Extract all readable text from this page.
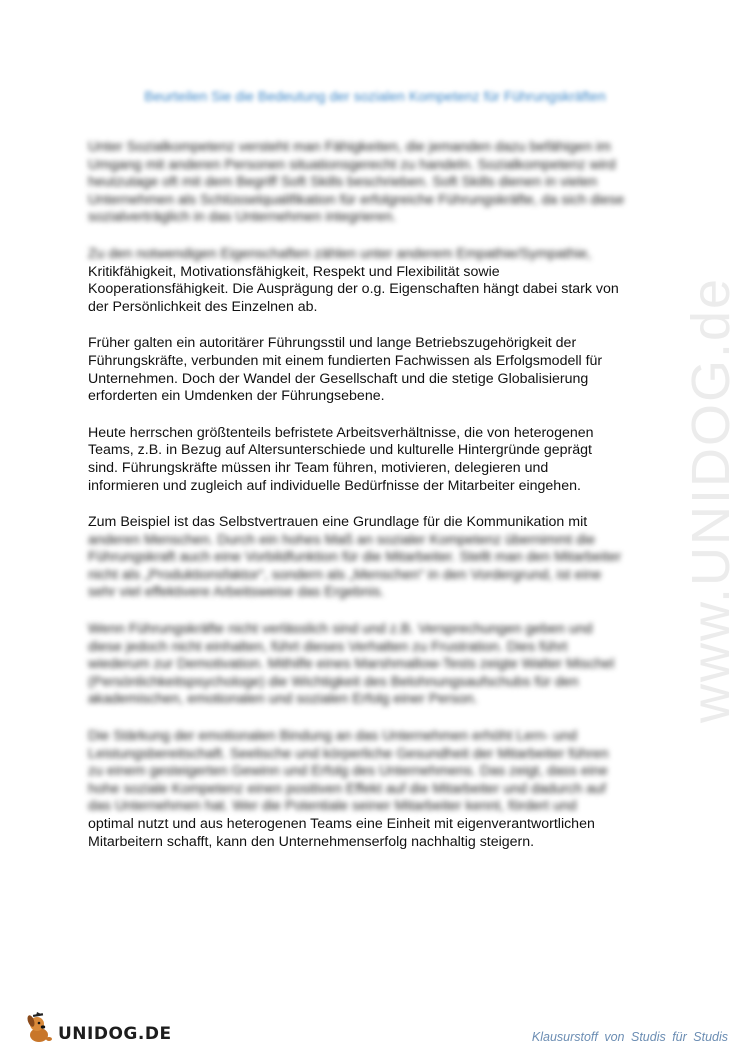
www.UNIDOG.de
Beurteilen Sie die Bedeutung der sozialen Kompetenz für Führungskräften
Unter Sozialkompetenz versteht man Fähigkeiten, die jemanden dazu befähigen im
Umgang mit anderen Personen situationsgerecht zu handeln. Sozialkompetenz wird
heutzutage oft mit dem Begriff Soft Skills beschrieben. Soft Skills dienen in vielen
Unternehmen als Schlüsselqualifikation für erfolgreiche Führungskräfte, da sich diese
sozialverträglich in das Unternehmen integrieren.
Zu den notwendigen Eigenschaften zählen unter anderem Empathie/Sympathie,
Kritikfähigkeit, Motivationsfähigkeit, Respekt und Flexibilität sowie
Kooperationsfähigkeit. Die Ausprägung der o.g. Eigenschaften hängt dabei stark von
der Persönlichkeit des Einzelnen ab.
Früher galten ein autoritärer Führungsstil und lange Betriebszugehörigkeit der
Führungskräfte, verbunden mit einem fundierten Fachwissen als Erfolgsmodell für
Unternehmen. Doch der Wandel der Gesellschaft und die stetige Globalisierung
erforderten ein Umdenken der Führungsebene.
Heute herrschen größtenteils befristete Arbeitsverhältnisse, die von heterogenen
Teams, z.B. in Bezug auf Altersunterschiede und kulturelle Hintergründe geprägt
sind. Führungskräfte müssen ihr Team führen, motivieren, delegieren und
informieren und zugleich auf individuelle Bedürfnisse der Mitarbeiter eingehen.
Zum Beispiel ist das Selbstvertrauen eine Grundlage für die Kommunikation mit
anderen Menschen. Durch ein hohes Maß an sozialer Kompetenz übernimmt die
Führungskraft auch eine Vorbildfunktion für die Mitarbeiter. Stellt man den Mitarbeiter
nicht als „Produktionsfaktor“, sondern als „Menschen“ in den Vordergrund, ist eine
sehr viel effektivere Arbeitsweise das Ergebnis.
Wenn Führungskräfte nicht verlässlich sind und z.B. Versprechungen geben und
diese jedoch nicht einhalten, führt dieses Verhalten zu Frustration. Dies führt
wiederum zur Demotivation. Mithilfe eines Marshmallow-Tests zeigte Walter Mischel
(Persönlichkeitspsychologe) die Wichtigkeit des Belohnungsaufschubs für den
akademischen, emotionalen und sozialen Erfolg einer Person.
Die Stärkung der emotionalen Bindung an das Unternehmen erhöht Lern- und
Leistungsbereitschaft. Seelische und körperliche Gesundheit der Mitarbeiter führen
zu einem gesteigerten Gewinn und Erfolg des Unternehmens. Das zeigt, dass eine
hohe soziale Kompetenz einen positiven Effekt auf die Mitarbeiter und dadurch auf
das Unternehmen hat. Wer die Potentiale seiner Mitarbeiter kennt, fördert und
optimal nutzt und aus heterogenen Teams eine Einheit mit eigenverantwortlichen
Mitarbeitern schafft, kann den Unternehmenserfolg nachhaltig steigern.
UNIDOG.DE	Klausurstoff von Studis für Studis
